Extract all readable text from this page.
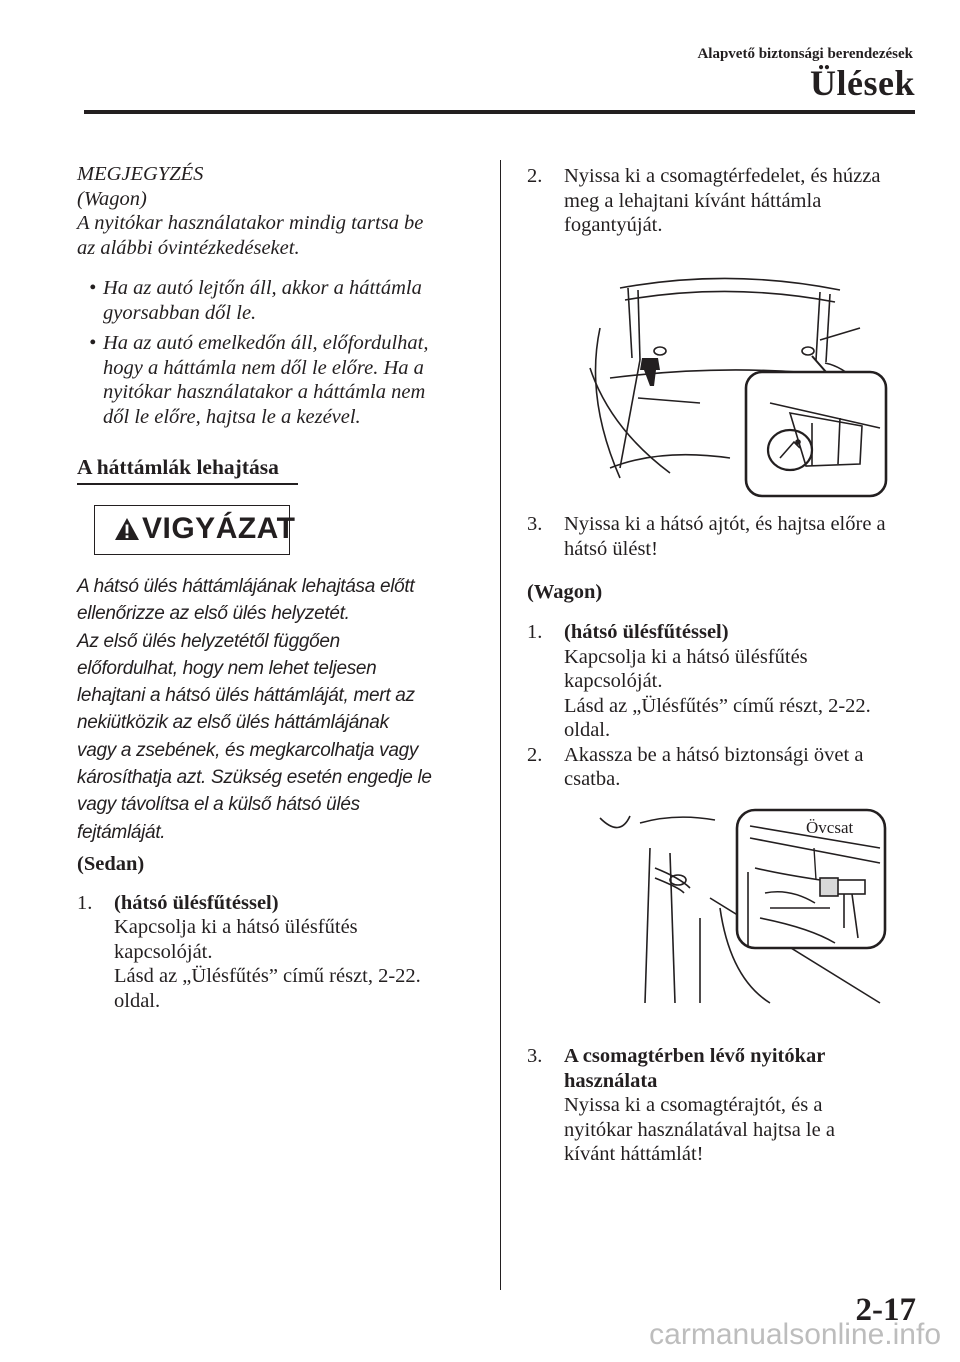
Alapvető biztonsági berendezések
Ülések

MEGJEGYZÉS

(Wagon)

A nyitókar használatakor mindig tartsa be

az alábbi óvintézkedéseket.

• Ha az autó lejtőn áll, akkor a háttámla
gyorsabban dől le.
• Ha az autó emelkedőn áll, előfordulhat,
hogy a háttámla nem dől le előre. Ha a
nyitókar használatakor a háttámla nem
dől le előre, hajtsa le a kezével.
A háttámlák lehajtása
VIGYÁZAT
A hátsó ülés háttámlájának lehajtása előtt
ellenőrizze az első ülés helyzetét.
Az első ülés helyzetétől függően
előfordulhat, hogy nem lehet teljesen
lehajtani a hátsó ülés háttámláját, mert az
nekiütközik az első ülés háttámlájának
vagy a zsebének, és megkarcolhatja vagy
károsíthatja azt. Szükség esetén engedje le
vagy távolítsa el a külső hátsó ülés
fejtámláját.
(Sedan)
1. (hátsó ülésfűtéssel)
Kapcsolja ki a hátsó ülésfűtés
kapcsolóját.
Lásd az „Ülésfűtés” című részt, 2-22.
oldal.
2. Nyissa ki a csomagtérfedelet, és húzza
meg a lehajtani kívánt háttámla
fogantyúját.
3. Nyissa ki a hátsó ajtót, és hajtsa előre a
hátsó ülést!
(Wagon)
1. (hátsó ülésfűtéssel)
Kapcsolja ki a hátsó ülésfűtés
kapcsolóját.
Lásd az „Ülésfűtés” című részt, 2-22.
oldal.
2. Akassza be a hátsó biztonsági övet a
csatba.
Övcsat
3. A csomagtérben lévő nyitókar
használata
Nyissa ki a csomagtérajtót, és a
nyitókar használatával hajtsa le a
kívánt háttámlát!
2-17
carmanualsonline.info
